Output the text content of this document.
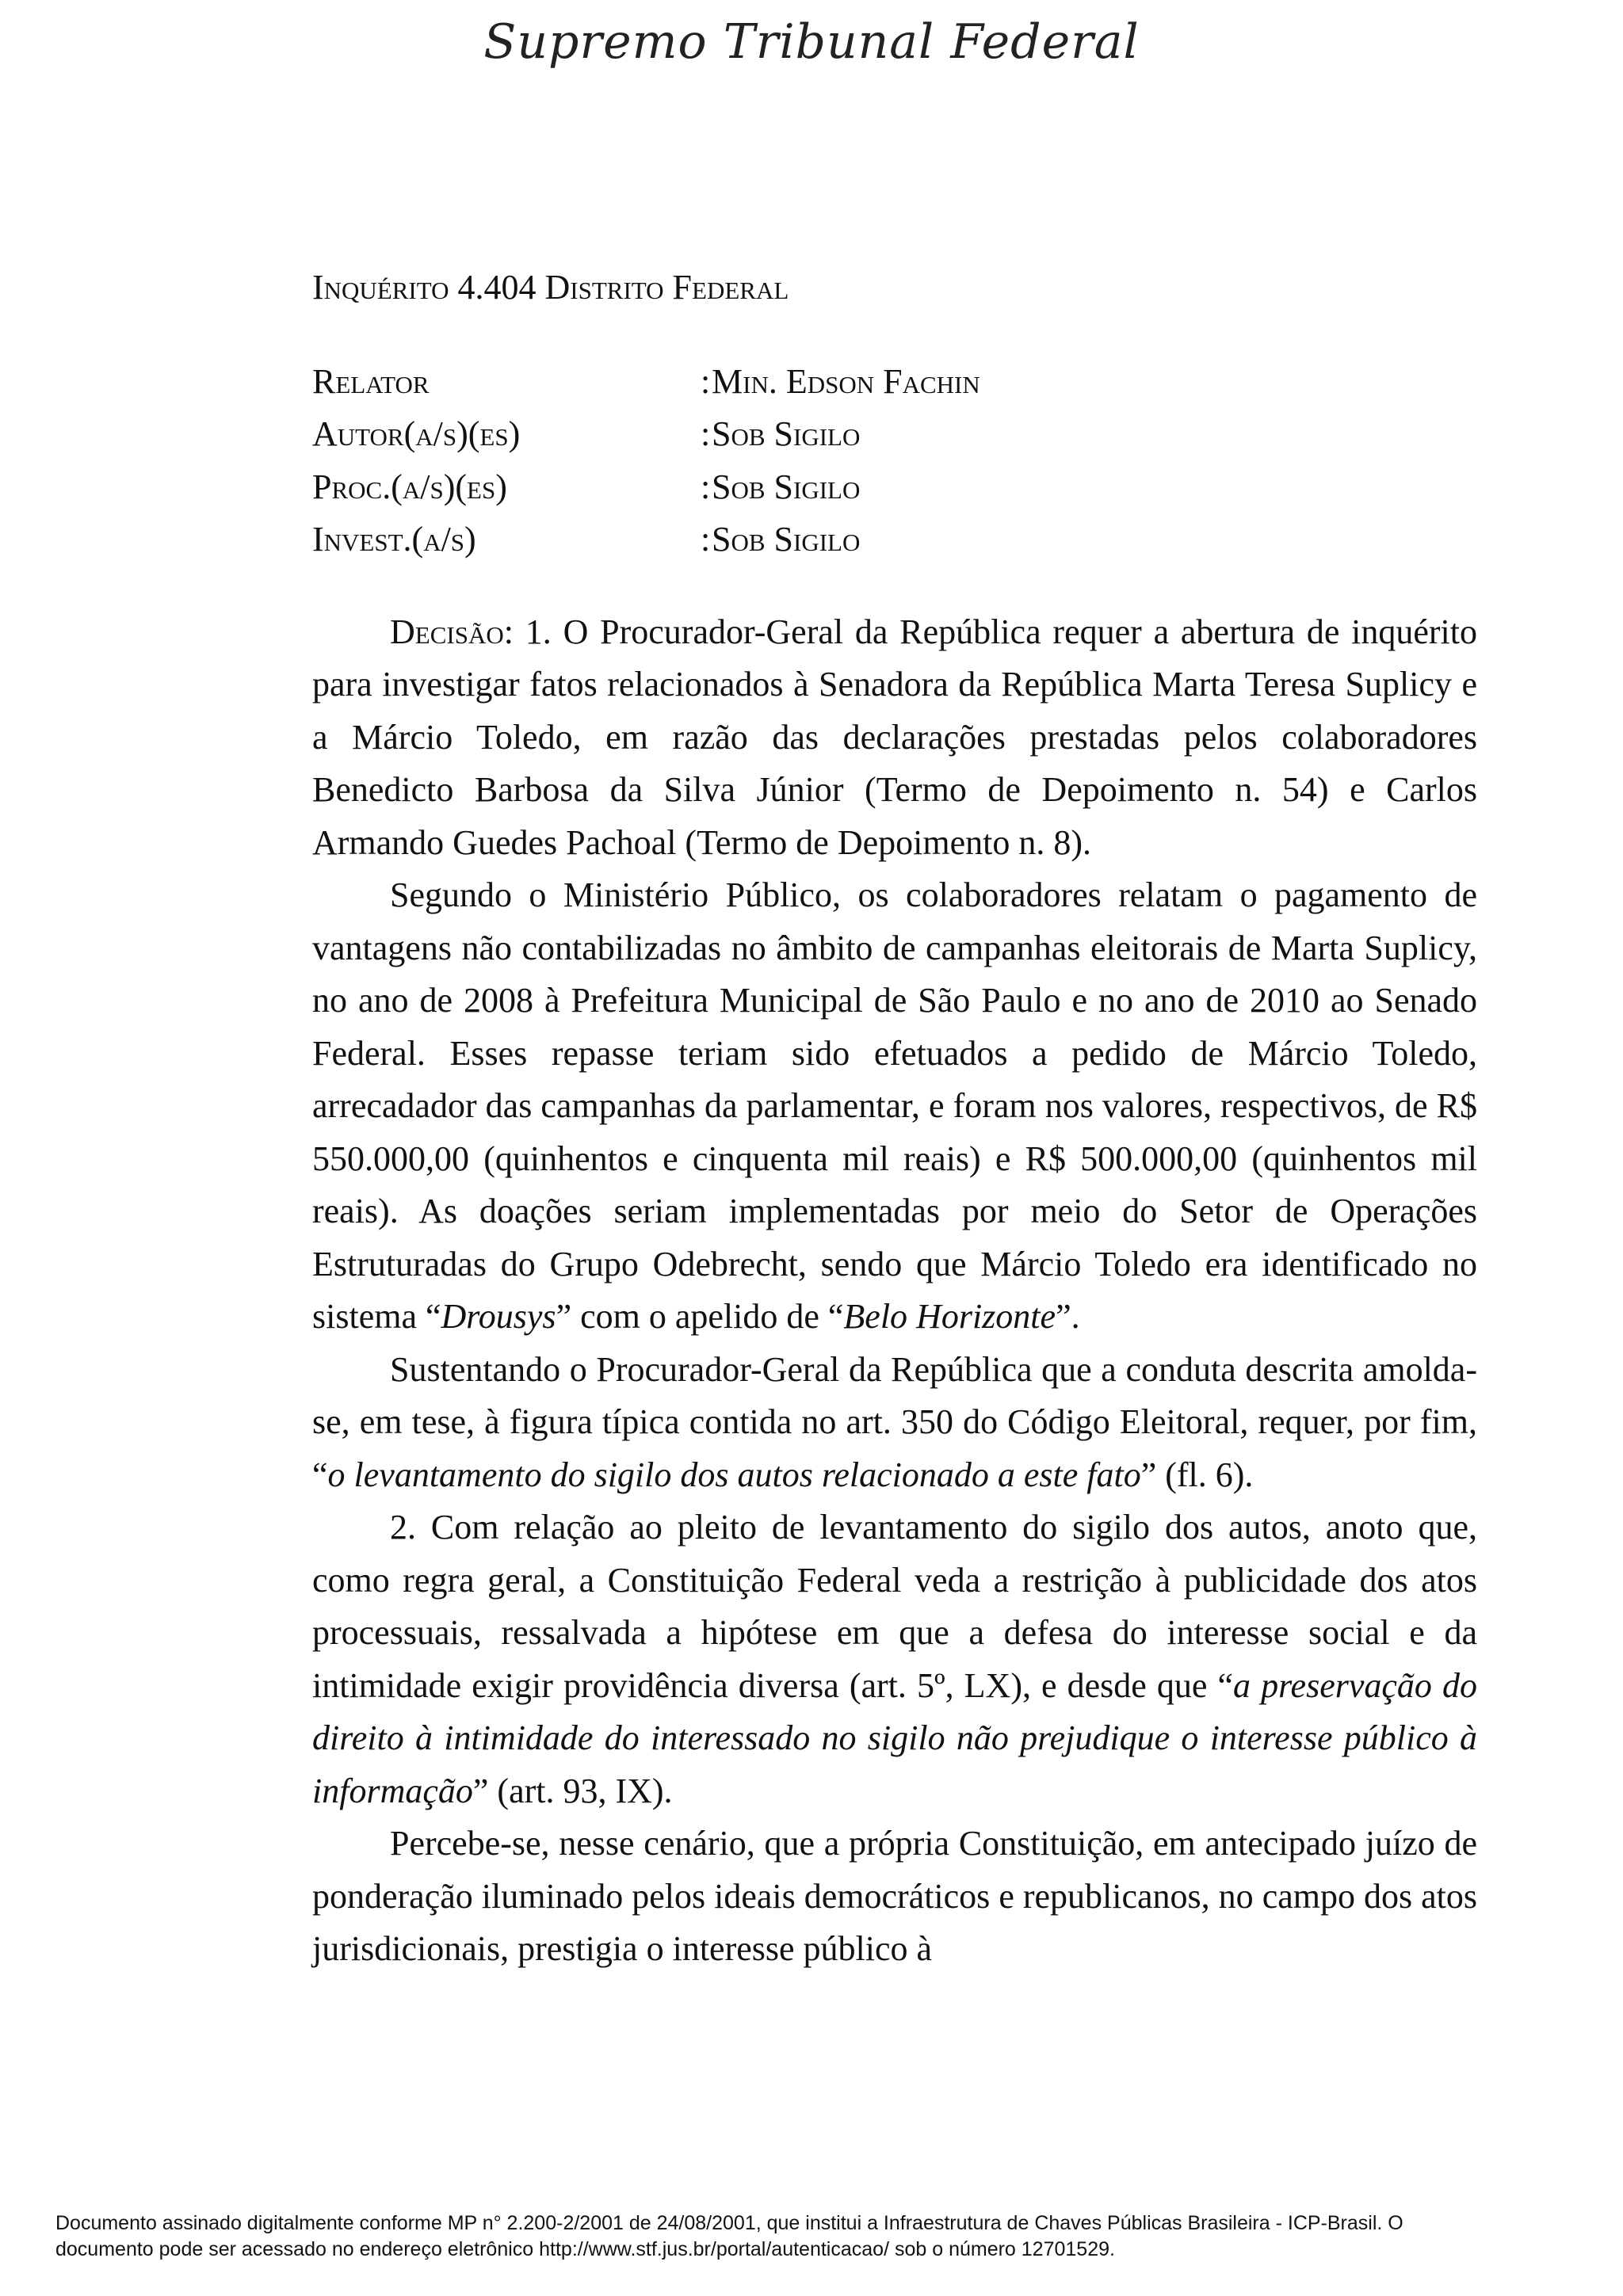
Supremo Tribunal Federal
Inquérito 4.404 Distrito Federal
Relator	: Min. Edson Fachin
Autor(a/s)(es)	: Sob Sigilo
Proc.(a/s)(es)	: Sob Sigilo
Invest.(a/s)	: Sob Sigilo

Decisão: 1. O Procurador-Geral da República requer a abertura de inquérito para investigar fatos relacionados à Senadora da República Marta Teresa Suplicy e a Márcio Toledo, em razão das declarações prestadas pelos colaboradores Benedicto Barbosa da Silva Júnior (Termo de Depoimento n. 54) e Carlos Armando Guedes Pachoal (Termo de Depoimento n. 8).

Segundo o Ministério Público, os colaboradores relatam o pagamento de vantagens não contabilizadas no âmbito de campanhas eleitorais de Marta Suplicy, no ano de 2008 à Prefeitura Municipal de São Paulo e no ano de 2010 ao Senado Federal. Esses repasse teriam sido efetuados a pedido de Márcio Toledo, arrecadador das campanhas da parlamentar, e foram nos valores, respectivos, de R$ 550.000,00 (quinhentos e cinquenta mil reais) e R$ 500.000,00 (quinhentos mil reais). As doações seriam implementadas por meio do Setor de Operações Estruturadas do Grupo Odebrecht, sendo que Márcio Toledo era identificado no sistema “Drousys” com o apelido de “Belo Horizonte”.

Sustentando o Procurador-Geral da República que a conduta descrita amolda-se, em tese, à figura típica contida no art. 350 do Código Eleitoral, requer, por fim, “o levantamento do sigilo dos autos relacionado a este fato” (fl. 6).

2. Com relação ao pleito de levantamento do sigilo dos autos, anoto que, como regra geral, a Constituição Federal veda a restrição à publicidade dos atos processuais, ressalvada a hipótese em que a defesa do interesse social e da intimidade exigir providência diversa (art. 5º, LX), e desde que “a preservação do direito à intimidade do interessado no sigilo não prejudique o interesse público à informação” (art. 93, IX).

Percebe-se, nesse cenário, que a própria Constituição, em antecipado juízo de ponderação iluminado pelos ideais democráticos e republicanos, no campo dos atos jurisdicionais, prestigia o interesse público à

Documento assinado digitalmente conforme MP n° 2.200-2/2001 de 24/08/2001, que institui a Infraestrutura de Chaves Públicas Brasileira - ICP-Brasil. O
documento pode ser acessado no endereço eletrônico http://www.stf.jus.br/portal/autenticacao/ sob o número 12701529.
